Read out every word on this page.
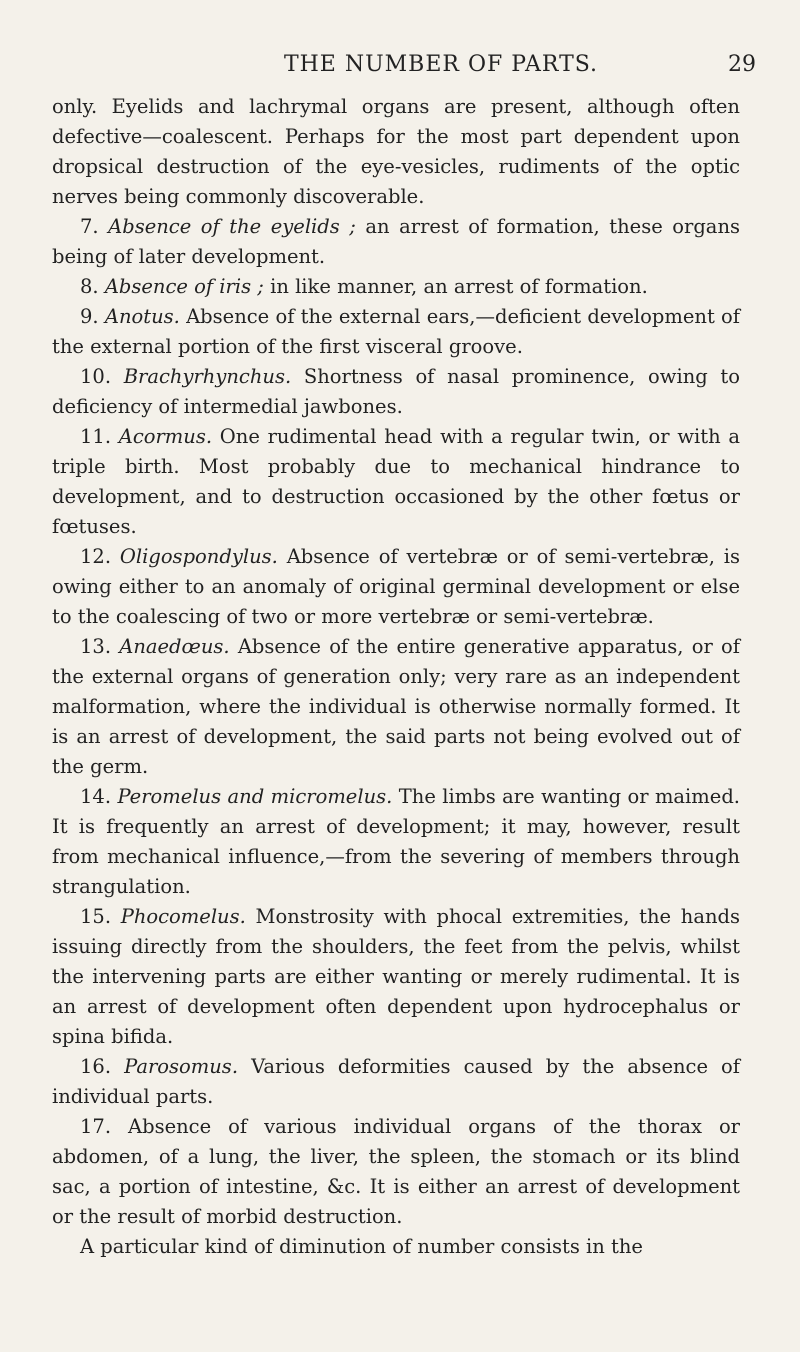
THE NUMBER OF PARTS.	29

only. Eyelids and lachrymal organs are present, although often defective—coalescent. Perhaps for the most part dependent upon dropsical destruction of the eye-vesicles, rudiments of the optic nerves being commonly discoverable.

7. Absence of the eyelids ; an arrest of formation, these organs being of later development.

8. Absence of iris ; in like manner, an arrest of formation.

9. Anotus. Absence of the external ears,—deficient development of the external portion of the first visceral groove.

10. Brachyrhynchus. Shortness of nasal prominence, owing to deficiency of intermedial jawbones.

11. Acormus. One rudimental head with a regular twin, or with a triple birth. Most probably due to mechanical hindrance to development, and to destruction occasioned by the other fœtus or fœtuses.

12. Oligospondylus. Absence of vertebræ or of semi-vertebræ, is owing either to an anomaly of original germinal development or else to the coalescing of two or more vertebræ or semi-vertebræ.

13. Anaedœus. Absence of the entire generative apparatus, or of the external organs of generation only; very rare as an independent malformation, where the individual is otherwise normally formed. It is an arrest of development, the said parts not being evolved out of the germ.

14. Peromelus and micromelus. The limbs are wanting or maimed. It is frequently an arrest of development; it may, however, result from mechanical influence,—from the severing of members through strangulation.

15. Phocomelus. Monstrosity with phocal extremities, the hands issuing directly from the shoulders, the feet from the pelvis, whilst the intervening parts are either wanting or merely rudimental. It is an arrest of development often dependent upon hydrocephalus or spina bifida.

16. Parosomus. Various deformities caused by the absence of individual parts.

17. Absence of various individual organs of the thorax or abdomen, of a lung, the liver, the spleen, the stomach or its blind sac, a portion of intestine, &c. It is either an arrest of development or the result of morbid destruction.

A particular kind of diminution of number consists in the
